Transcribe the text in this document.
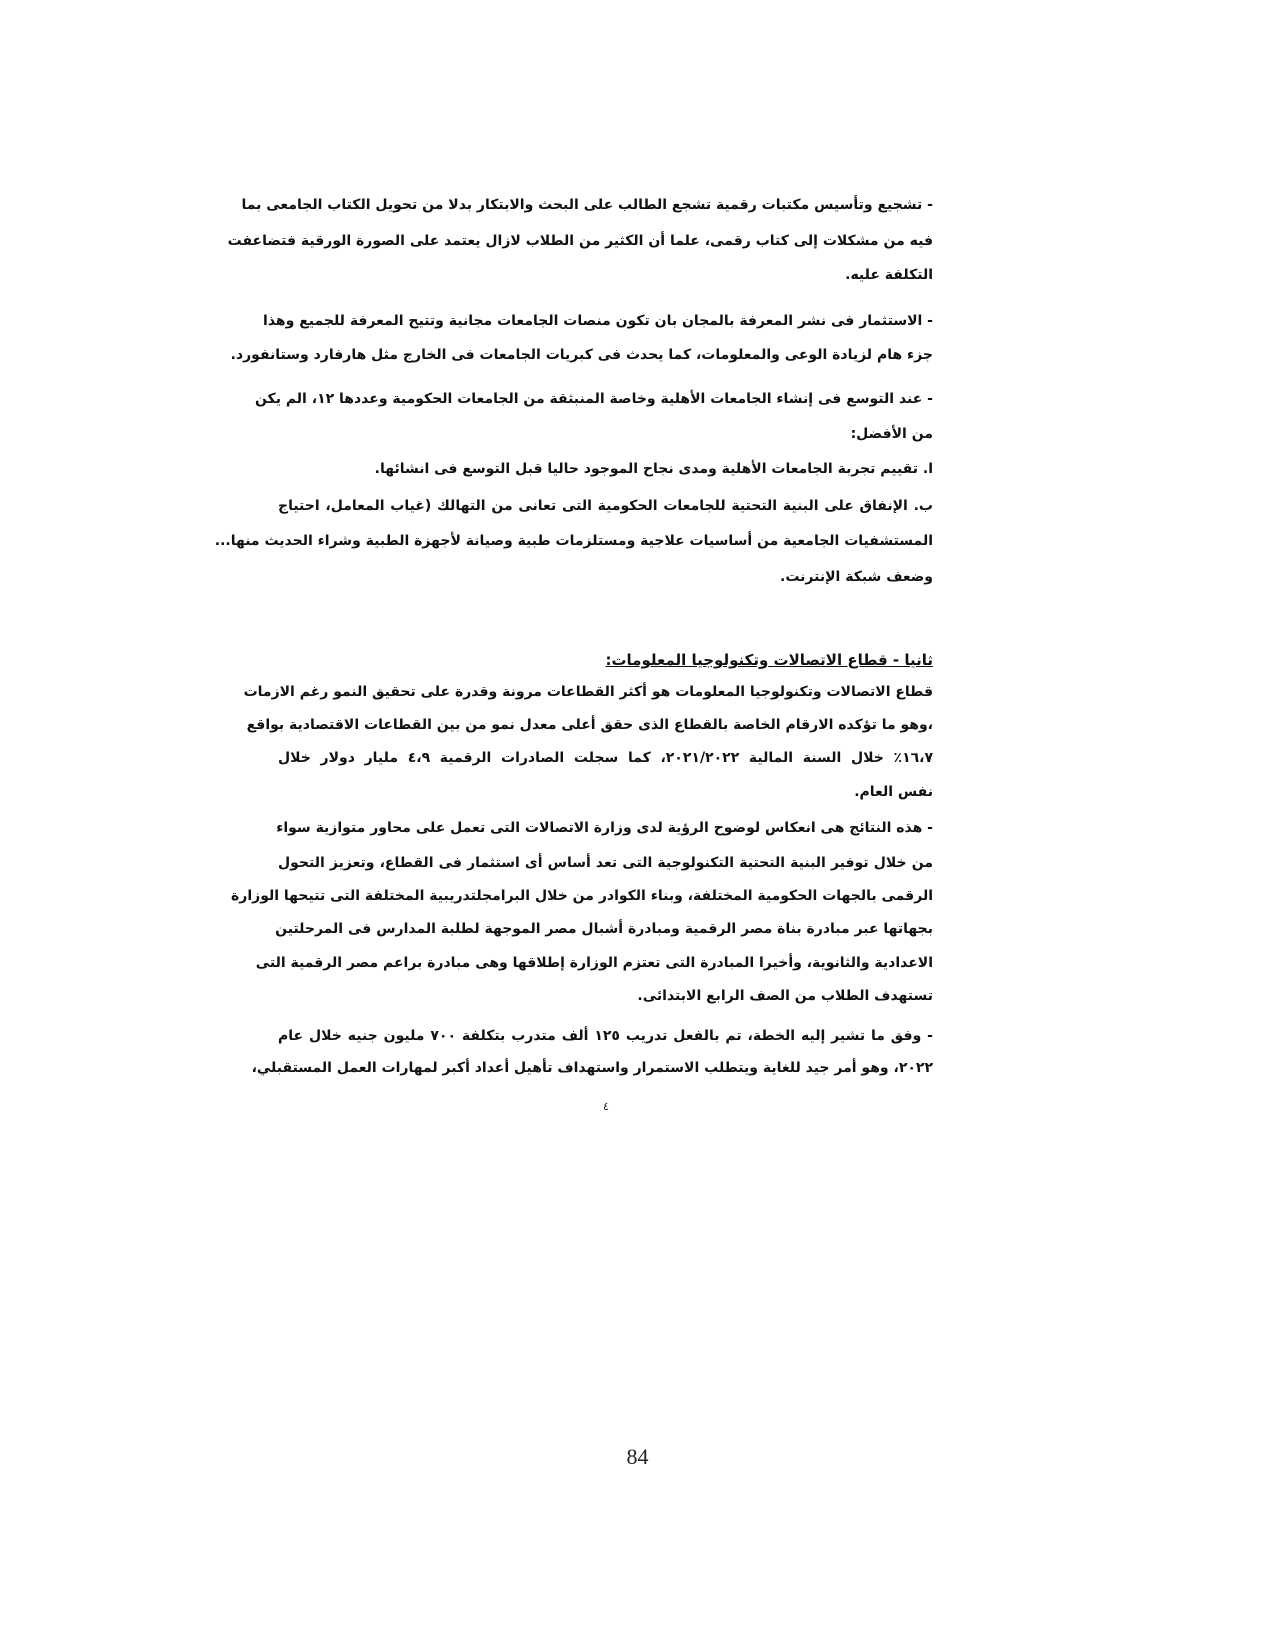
- تشجيع وتأسيس مكتبات رقمية تشجع الطالب على البحث والابتكار بدلا من تحويل الكتاب الجامعى بما
فيه من مشكلات إلى كتاب رقمى، علما أن الكثير من الطلاب لازال يعتمد على الصورة الورقية فتضاعفت
التكلفة عليه.
- الاستثمار فى نشر المعرفة بالمجان بان تكون منصات الجامعات مجانية وتتيح المعرفة للجميع وهذا
جزء هام لزيادة الوعى والمعلومات، كما يحدث فى كبريات الجامعات فى الخارج مثل هارفارد وستانفورد.
- عند التوسع فى إنشاء الجامعات الأهلية وخاصة المنبثقة من الجامعات الحكومية وعددها ١٢، الم يكن
من الأفضل:
ا. تقييم تجربة الجامعات الأهلية ومدى نجاح الموجود حاليا قبل التوسع فى انشائها.
ب. الإنفاق على البنية التحتية للجامعات الحكومية التى تعانى من التهالك (غياب المعامل، احتياج
المستشفيات الجامعية من أساسيات علاجية ومستلزمات طبية وصيانة لأجهزة الطبية وشراء الحديث منها...
وضعف شبكة الإنترنت.
قطاع الاتصالات وتكنولوجيا المعلومات هو أكثر القطاعات مرونة وقدرة على تحقيق النمو رغم الازمات
،وهو ما تؤكده الارقام الخاصة بالقطاع الذى حقق أعلى معدل نمو من بين القطاعات الاقتصادية بواقع
١٦،٧٪ خلال السنة المالية ٢٠٢١/٢٠٢٢، كما سجلت الصادرات الرقمية ٤،٩ مليار دولار خلال
نفس العام.
- هذه النتائج هى انعكاس لوضوح الرؤية لدى وزارة الاتصالات التى تعمل على محاور متوازية سواء
من خلال توفير البنية التحتية التكنولوجية التى تعد أساس أى استثمار فى القطاع، وتعزيز التحول
الرقمى بالجهات الحكومية المختلفة، وبناء الكوادر من خلال البرامجلتدريبية المختلفة التى تتيحها الوزارة
بجهاتها عبر مبادرة بناة مصر الرقمية ومبادرة أشبال مصر الموجهة لطلبة المدارس فى المرحلتين
الاعدادية والثانوية، وأخيرا المبادرة التى تعتزم الوزارة إطلاقها وهى مبادرة براعم مصر الرقمية التى
تستهدف الطلاب من الصف الرابع الابتدائى.
- وفق ما تشير إليه الخطة، تم بالفعل تدريب ١٢٥ ألف متدرب بتكلفة ٧٠٠ مليون جنيه خلال عام
٢٠٢٢، وهو أمر جيد للغاية ويتطلب الاستمرار واستهداف تأهيل أعداد أكبر لمهارات العمل المستقبلي،
ثانيا - قطاع الاتصالات وتكنولوجيا المعلومات:
٤
84
